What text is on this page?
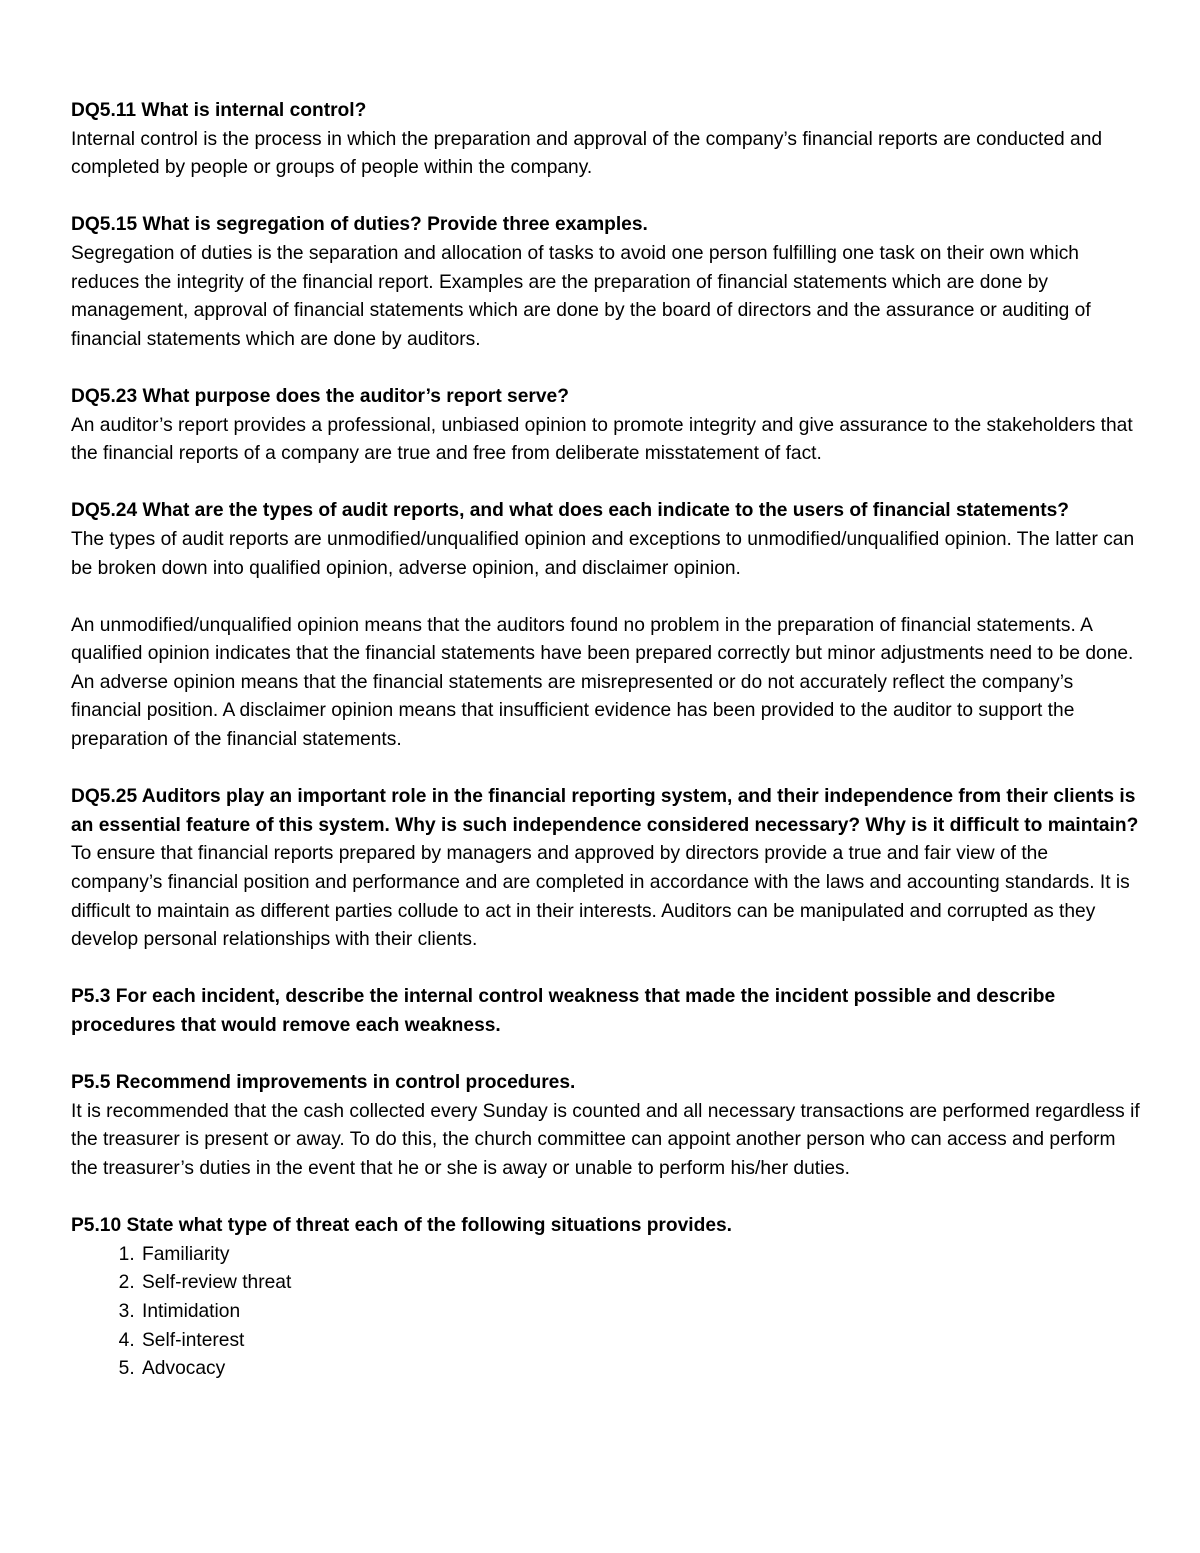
DQ5.11 What is internal control?

Internal control is the process in which the preparation and approval of the company’s financial reports are conducted and completed by people or groups of people within the company.

DQ5.15 What is segregation of duties? Provide three examples.

Segregation of duties is the separation and allocation of tasks to avoid one person fulfilling one task on their own which reduces the integrity of the financial report. Examples are the preparation of financial statements which are done by management, approval of financial statements which are done by the board of directors and the assurance or auditing of financial statements which are done by auditors.

DQ5.23 What purpose does the auditor’s report serve?

An auditor’s report provides a professional, unbiased opinion to promote integrity and give assurance to the stakeholders that the financial reports of a company are true and free from deliberate misstatement of fact.

DQ5.24 What are the types of audit reports, and what does each indicate to the users of financial statements?

The types of audit reports are unmodified/unqualified opinion and exceptions to unmodified/unqualified opinion. The latter can be broken down into qualified opinion, adverse opinion, and disclaimer opinion.

An unmodified/unqualified opinion means that the auditors found no problem in the preparation of financial statements. A qualified opinion indicates that the financial statements have been prepared correctly but minor adjustments need to be done. An adverse opinion means that the financial statements are misrepresented or do not accurately reflect the company’s financial position. A disclaimer opinion means that insufficient evidence has been provided to the auditor to support the preparation of the financial statements.

DQ5.25 Auditors play an important role in the financial reporting system, and their independence from their clients is an essential feature of this system. Why is such independence considered necessary? Why is it difficult to maintain?

To ensure that financial reports prepared by managers and approved by directors provide a true and fair view of the company’s financial position and performance and are completed in accordance with the laws and accounting standards. It is difficult to maintain as different parties collude to act in their interests. Auditors can be manipulated and corrupted as they develop personal relationships with their clients.

P5.3 For each incident, describe the internal control weakness that made the incident possible and describe procedures that would remove each weakness.

P5.5 Recommend improvements in control procedures.

It is recommended that the cash collected every Sunday is counted and all necessary transactions are performed regardless if the treasurer is present or away. To do this, the church committee can appoint another person who can access and perform the treasurer’s duties in the event that he or she is away or unable to perform his/her duties.

P5.10 State what type of threat each of the following situations provides.

1. Familiarity
2. Self-review threat
3. Intimidation
4. Self-interest
5. Advocacy
